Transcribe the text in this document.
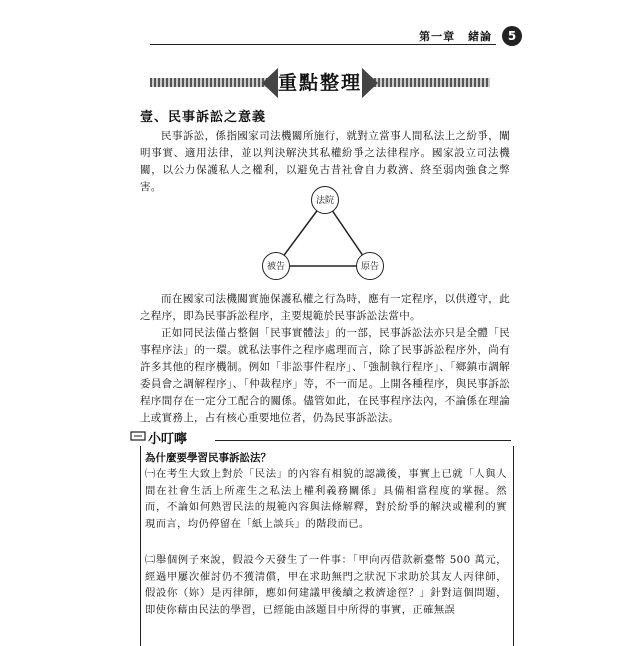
第一章 緒論	5
重點整理
壹、民事訴訟之意義

民事訴訟，係指國家司法機關所施行，就對立當事人間私法上之紛爭，闡明事實、適用法律，並以判決解決其私權紛爭之法律程序。國家設立司法機關，以公力保護私人之權利，以避免古昔社會自力救濟、終至弱肉強食之弊害。

法院
被告	原告

而在國家司法機關實施保護私權之行為時，應有一定程序，以供遵守，此之程序，即為民事訴訟程序，主要規範於民事訴訟法當中。

正如同民法僅占整個「民事實體法」的一部，民事訴訟法亦只是全體「民事程序法」的一環。就私法事件之程序處理而言，除了民事訴訟程序外，尚有許多其他的程序機制。例如「非訟事件程序」、「強制執行程序」、「鄉鎮市調解委員會之調解程序」、「仲裁程序」等，不一而足。上開各種程序，與民事訴訟程序間存在一定分工配合的關係。儘管如此，在民事程序法內，不論係在理論上或實務上，占有核心重要地位者，仍為民事訴訟法。

小叮嚀
為什麼要學習民事訴訟法？

㈠在考生大致上對於「民法」的內容有相貌的認識後，事實上已就「人與人間在社會生活上所產生之私法上權利義務關係」具備相當程度的掌握。然而，不論如何熟習民法的規範內容與法條解釋，對於紛爭的解決或權利的實現而言，均仍停留在「紙上談兵」的階段而已。

㈡舉個例子來說，假設今天發生了一件事：「甲向丙借款新臺幣 500 萬元，經過甲屢次催討仍不獲清償，甲在求助無門之狀況下求助於其友人丙律師，假設你（妳）是丙律師，應如何建議甲後續之救濟途徑？」針對這個問題，即使你藉由民法的學習，已經能由該題目中所得的事實，正確無誤
